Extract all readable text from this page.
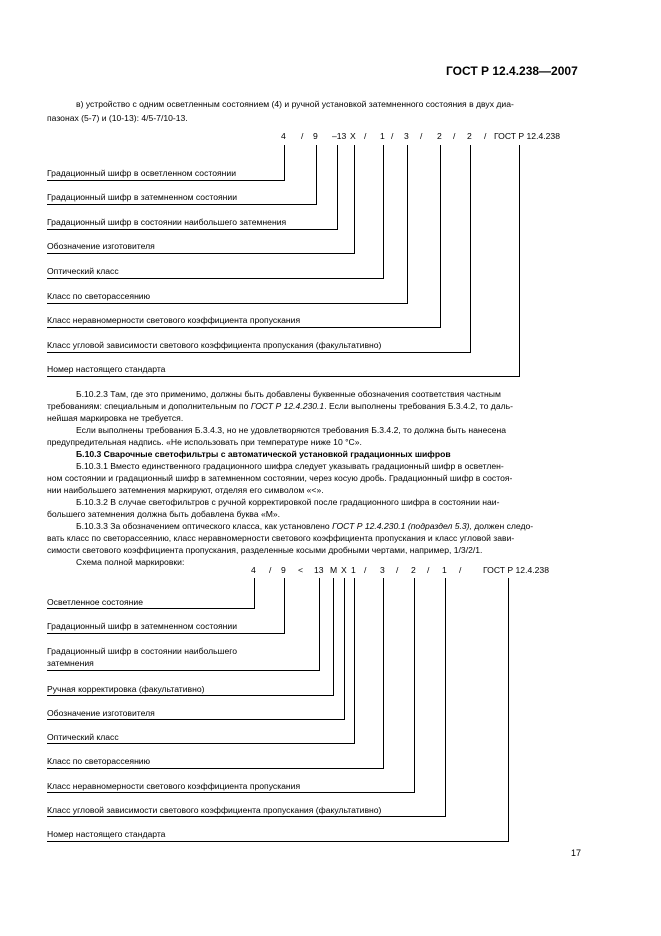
ГОСТ Р 12.4.238—2007
в) устройство с одним осветленным состоянием (4) и ручной установкой затемненного состояния в двух диа-
пазонах (5-7) и (10-13): 4/5-7/10-13.
4 / 9 –13 X / 1 / 3 / 2 / 2 / ГОСТ Р 12.4.238
Градационный шифр в осветленном состоянии
Градационный шифр в затемненном состоянии
Градационный шифр в состоянии наибольшего затемнения
Обозначение изготовителя
Оптический класс
Класс по светорассеянию
Класс неравномерности светового коэффициента пропускания
Класс угловой зависимости светового коэффициента пропускания (факультативно)
Номер настоящего стандарта
Б.10.2.3 Там, где это применимо, должны быть добавлены буквенные обозначения соответствия частным
требованиям: специальным и дополнительным по ГОСТ Р 12.4.230.1. Если выполнены требования Б.3.4.2, то даль-
нейшая маркировка не требуется.
Если выполнены требования Б.3.4.3, но не удовлетворяются требования Б.3.4.2, то должна быть нанесена
предупредительная надпись. «Не использовать при температуре ниже 10 °С».
Б.10.3 Сварочные светофильтры с автоматической установкой градационных шифров
Б.10.3.1 Вместо единственного градационного шифра следует указывать градационный шифр в осветлен-
ном состоянии и градационный шифр в затемненном состоянии, через косую дробь. Градационный шифр в состоя-
нии наибольшего затемнения маркируют, отделяя его символом «<».
Б.10.3.2 В случае светофильтров с ручной корректировкой после градационного шифра в состоянии наи-
большего затемнения должна быть добавлена буква «М».
Б.10.3.3 За обозначением оптического класса, как установлено ГОСТ Р 12.4.230.1 (подраздел 5.3), должен следо-
вать класс по светорассеянию, класс неравномерности светового коэффициента пропускания и класс угловой зави-
симости светового коэффициента пропускания, разделенные косыми дробными чертами, например, 1/3/2/1.
Схема полной маркировки:
4 / 9 < 13 M X 1 / 3 / 2 / 1 /	ГОСТ Р 12.4.238
Осветленное состояние
Градационный шифр в затемненном состоянии
Градационный шифр в состоянии наибольшего
затемнения
Ручная корректировка (факультативно)
Обозначение изготовителя
Оптический класс
Класс по светорассеянию
Класс неравномерности светового коэффициента пропускания
Класс угловой зависимости светового коэффициента пропускания (факультативно)
Номер настоящего стандарта
17
